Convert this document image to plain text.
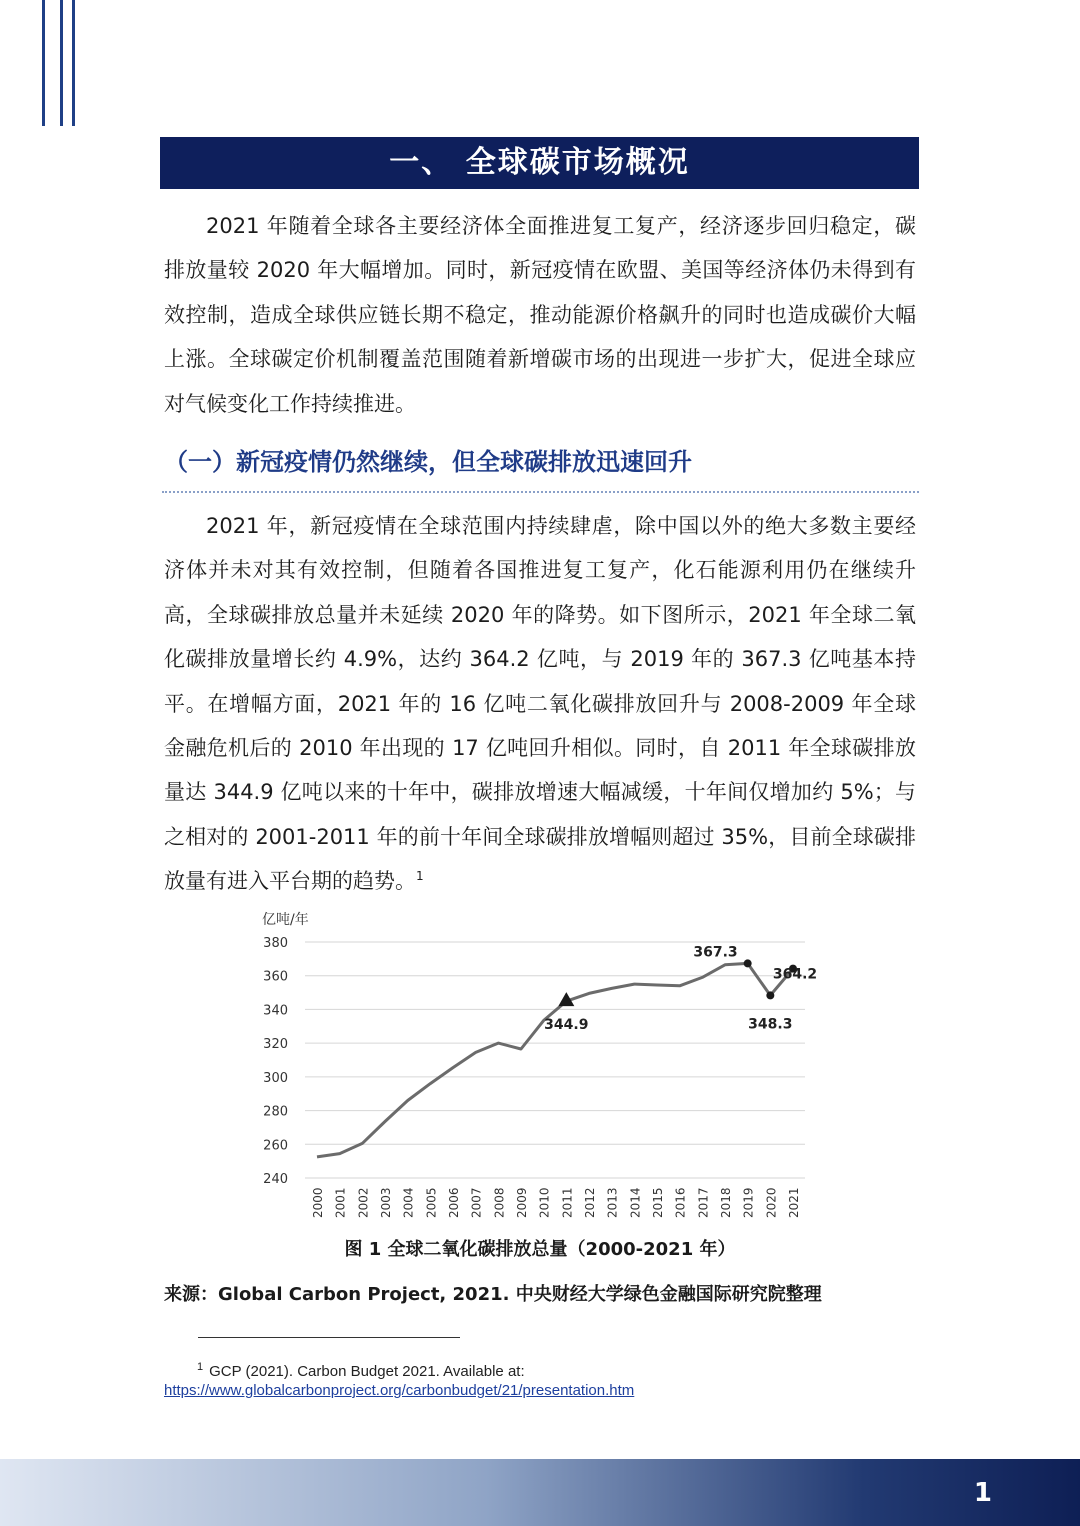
一、 全球碳市场概况

2021 年随着全球各主要经济体全面推进复工复产，经济逐步回归稳定，碳排放量较 2020 年大幅增加。同时，新冠疫情在欧盟、美国等经济体仍未得到有效控制，造成全球供应链长期不稳定，推动能源价格飙升的同时也造成碳价大幅上涨。全球碳定价机制覆盖范围随着新增碳市场的出现进一步扩大，促进全球应对气候变化工作持续推进。

（一）新冠疫情仍然继续，但全球碳排放迅速回升

2021 年，新冠疫情在全球范围内持续肆虐，除中国以外的绝大多数主要经济体并未对其有效控制，但随着各国推进复工复产，化石能源利用仍在继续升高，全球碳排放总量并未延续 2020 年的降势。如下图所示，2021 年全球二氧化碳排放量增长约 4.9%，达约 364.2 亿吨，与 2019 年的 367.3 亿吨基本持平。在增幅方面，2021 年的 16 亿吨二氧化碳排放回升与 2008-2009 年全球金融危机后的 2010 年出现的 17 亿吨回升相似。同时，自 2011 年全球碳排放量达 344.9 亿吨以来的十年中，碳排放增速大幅减缓，十年间仅增加约 5%；与之相对的 2001-2011 年的前十年间全球碳排放增幅则超过 35%，目前全球碳排放量有进入平台期的趋势。$^1$

亿吨/年
240
260
280
300
320
340
360
380
2000 2001 2002 2003 2004 2005 2006 2007 2008 2009 2010 2011 2012 2013 2014 2015 2016 2017 2018 2019 2020 2021
344.9
367.3
348.3
364.2
图 1 全球二氧化碳排放总量（2000-2021 年）
来源：Global Carbon Project, 2021. 中央财经大学绿色金融国际研究院整理
$^1$ GCP (2021). Carbon Budget 2021. Available at:
https://www.globalcarbonproject.org/carbonbudget/21/presentation.htm
1
